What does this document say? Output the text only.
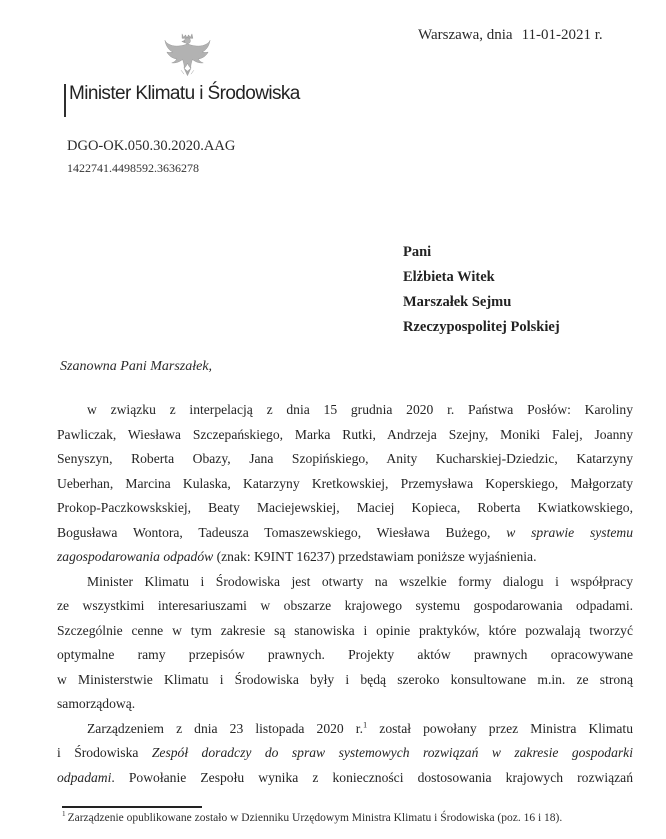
Warszawa, dnia 11-01-2021 r.
Minister Klimatu i Środowiska
DGO-OK.050.30.2020.AAG
1422741.4498592.3636278
Pani
Elżbieta Witek
Marszałek Sejmu
Rzeczypospolitej Polskiej
Szanowna Pani Marszałek,
w związku z interpelacją z dnia 15 grudnia 2020 r. Państwa Posłów: Karoliny
Pawliczak, Wiesława Szczepańskiego, Marka Rutki, Andrzeja Szejny, Moniki Falej, Joanny
Senyszyn, Roberta Obazy, Jana Szopińskiego, Anity Kucharskiej-Dziedzic, Katarzyny
Ueberhan, Marcina Kulaska, Katarzyny Kretkowskiej, Przemysława Koperskiego, Małgorzaty
Prokop-Paczkowskskiej, Beaty Maciejewskiej, Maciej Kopieca, Roberta Kwiatkowskiego,
Bogusława Wontora, Tadeusza Tomaszewskiego, Wiesława Bużego, w sprawie systemu
zagospodarowania odpadów (znak: K9INT 16237) przedstawiam poniższe wyjaśnienia.
Minister Klimatu i Środowiska jest otwarty na wszelkie formy dialogu i współpracy
ze wszystkimi interesariuszami w obszarze krajowego systemu gospodarowania odpadami.
Szczególnie cenne w tym zakresie są stanowiska i opinie praktyków, które pozwalają tworzyć
optymalne ramy przepisów prawnych. Projekty aktów prawnych opracowywane
w Ministerstwie Klimatu i Środowiska były i będą szeroko konsultowane m.in. ze stroną
samorządową.
Zarządzeniem z dnia 23 listopada 2020 r.$^1$ został powołany przez Ministra Klimatu
i Środowiska Zespół doradczy do spraw systemowych rozwiązań w zakresie gospodarki
odpadami. Powołanie Zespołu wynika z konieczności dostosowania krajowych rozwiązań
$^1$ Zarządzenie opublikowane zostało w Dzienniku Urzędowym Ministra Klimatu i Środowiska (poz. 16 i 18).
